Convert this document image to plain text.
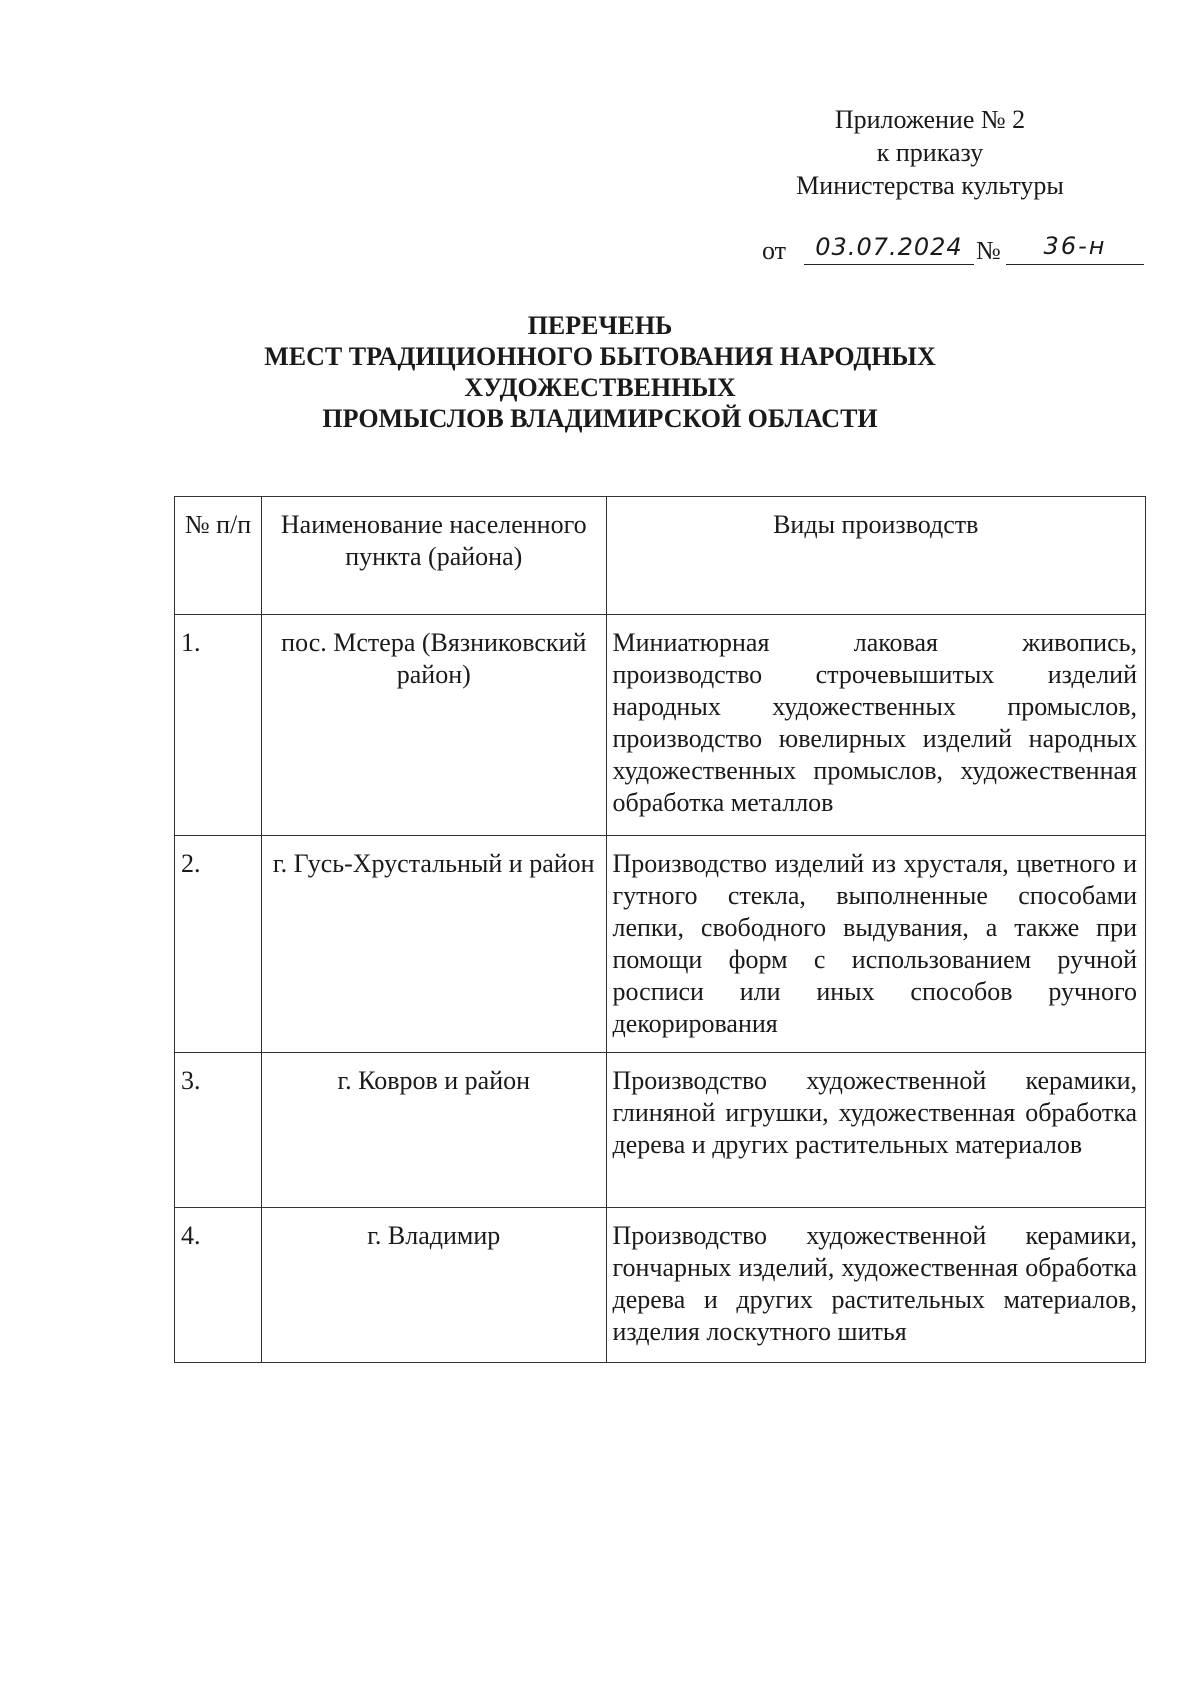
Приложение № 2
к приказу
Министерства культуры
от	03.07.2024 №	36-н
ПЕРЕЧЕНЬ
МЕСТ ТРАДИЦИОННОГО БЫТОВАНИЯ НАРОДНЫХ
ХУДОЖЕСТВЕННЫХ
ПРОМЫСЛОВ ВЛАДИМИРСКОЙ ОБЛАСТИ
№ п/п	Наименование населенного пункта (района)	Виды производств
1.	пос. Мстера (Вязниковский район)	Миниатюрная лаковая живопись, производство строчевышитых изделий народных художественных промыслов, производство ювелирных изделий народных художественных промыслов, художественная обработка металлов
2.	г. Гусь-Хрустальный и район	Производство изделий из хрусталя, цветного и гутного стекла, выполненные способами лепки, свободного выдувания, а также при помощи форм с использованием ручной росписи или иных способов ручного декорирования
3.	г. Ковров и район	Производство художественной керамики, глиняной игрушки, художественная обработка дерева и других растительных материалов
4.	г. Владимир	Производство художественной керамики, гончарных изделий, художественная обработка дерева и других растительных материалов, изделия лоскутного шитья
